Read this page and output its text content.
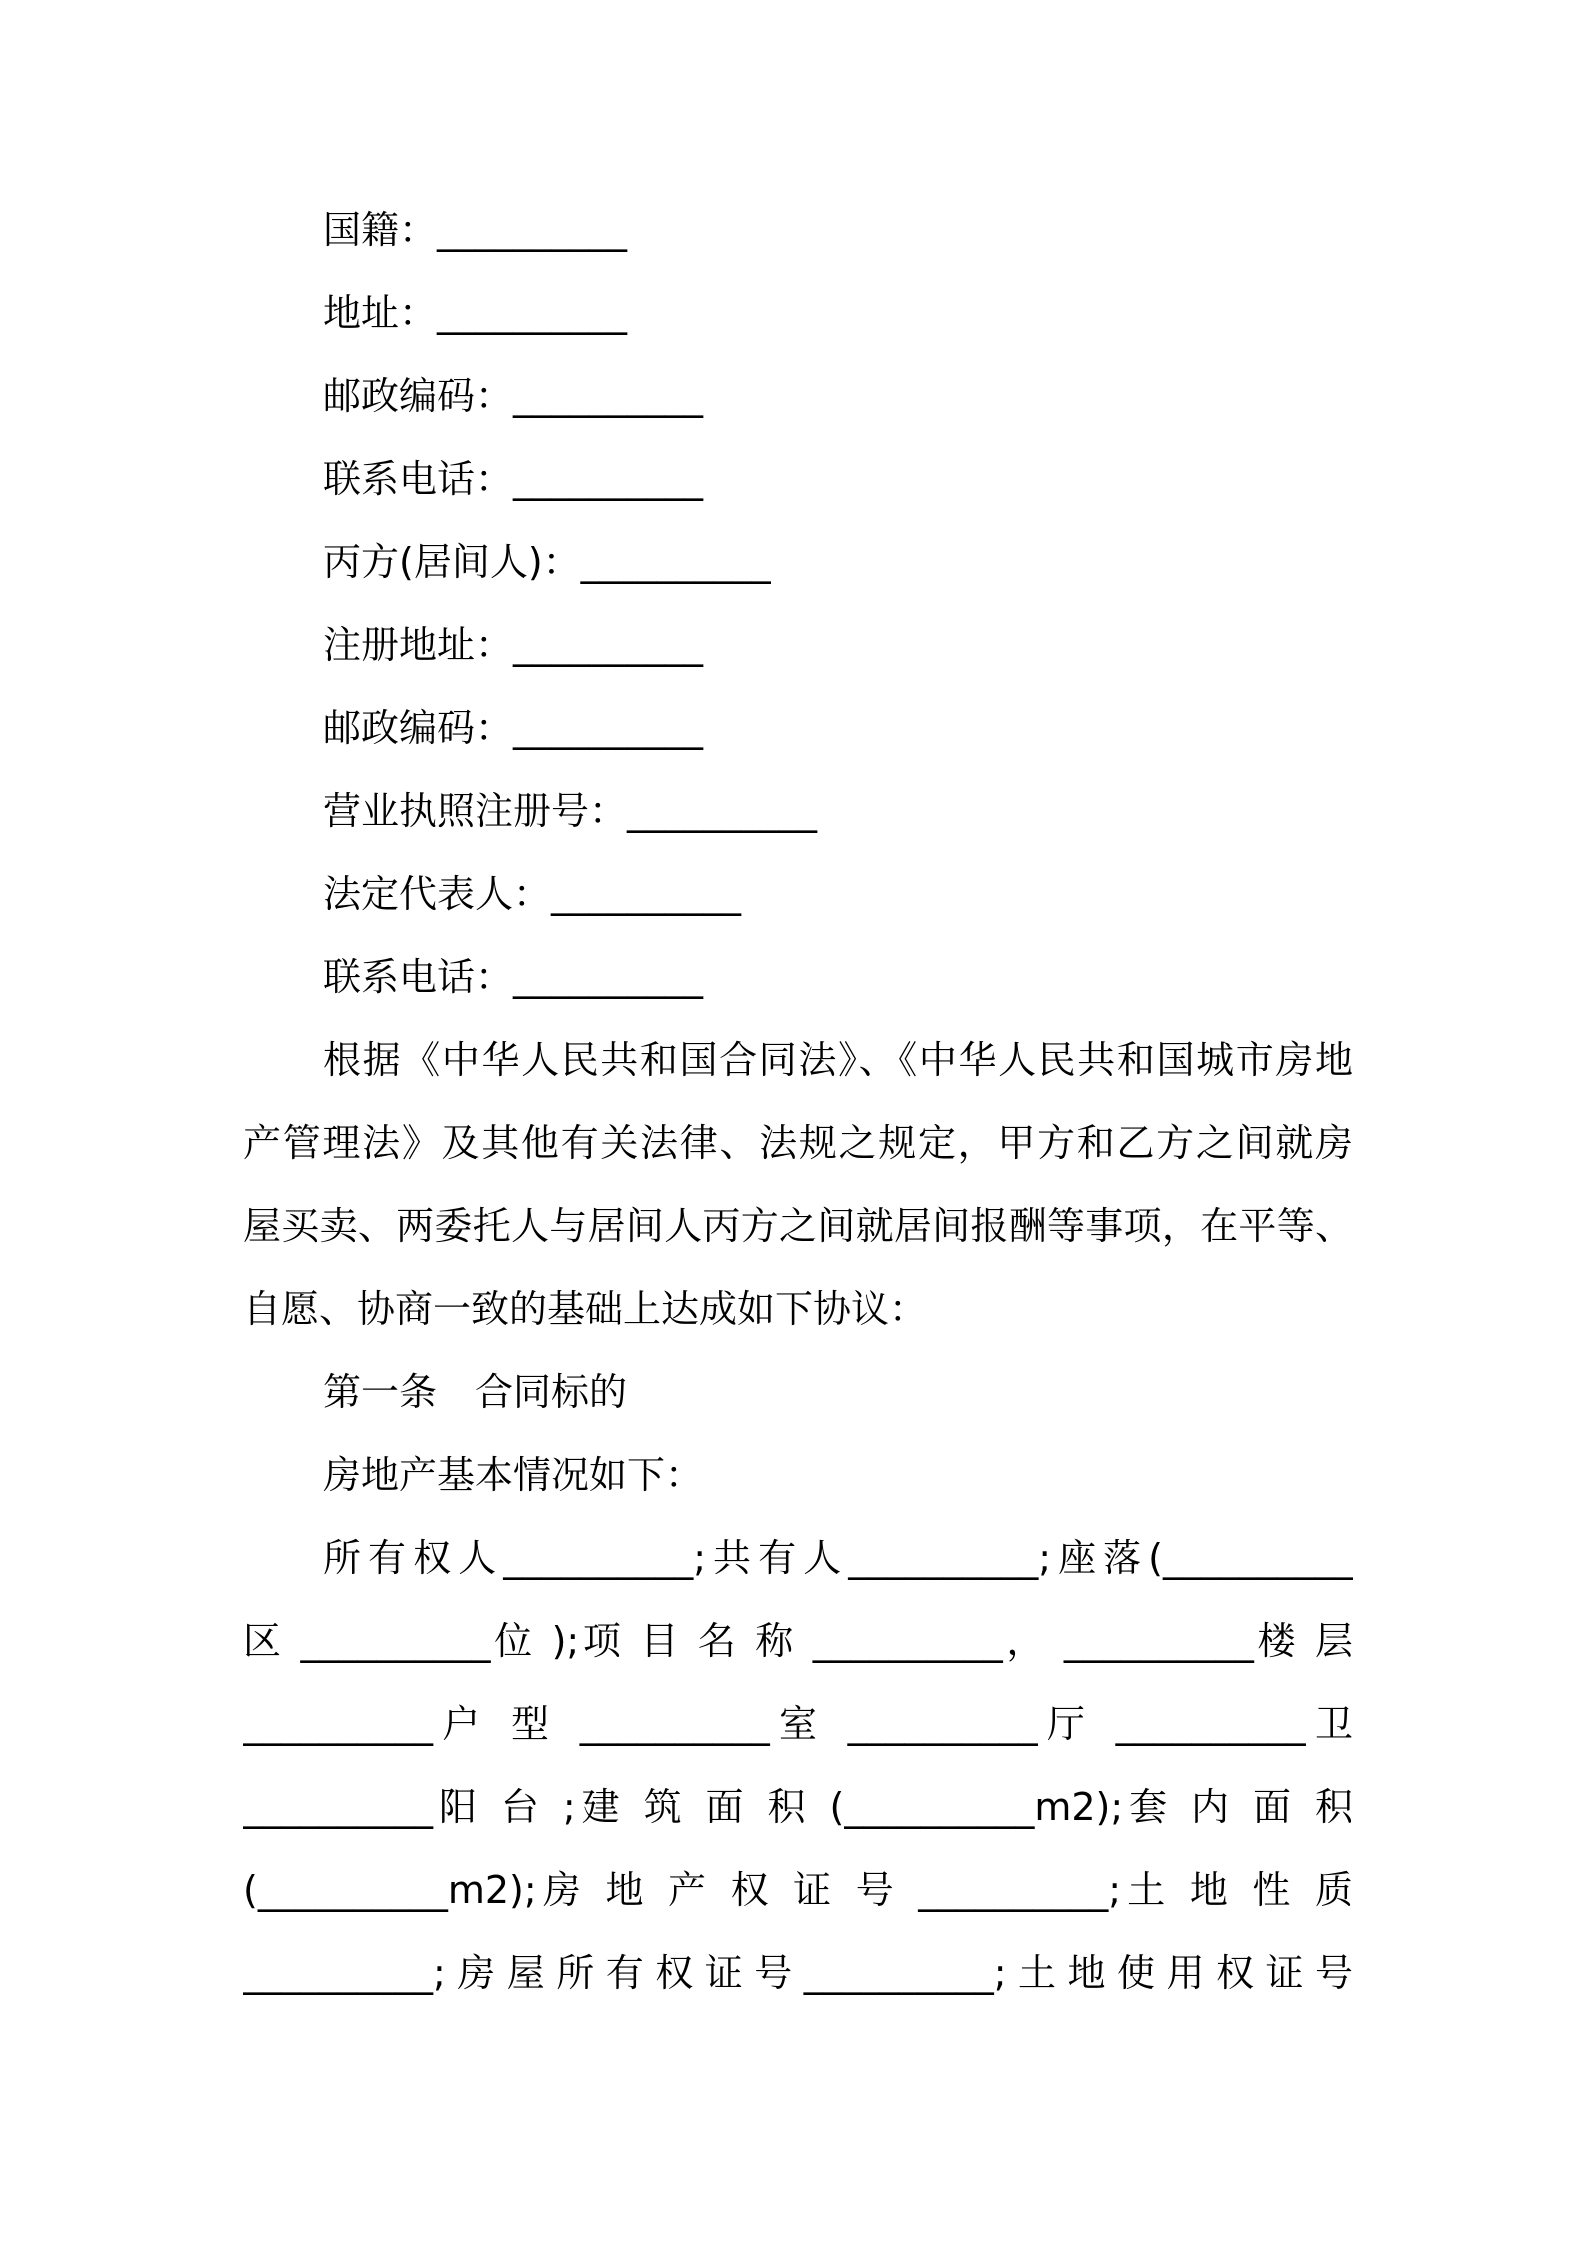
国籍：__________
地址：__________
邮政编码：__________
联系电话：__________
丙方(居间人)：__________
注册地址：__________
邮政编码：__________
营业执照注册号：__________
法定代表人：__________
联系电话：__________
根据《中华人民共和国合同法》、《中华人民共和国城市房地
产管理法》及其他有关法律、法规之规定，甲方和乙方之间就房
屋买卖、两委托人与居间人丙方之间就居间报酬等事项，在平等、
自愿、协商一致的基础上达成如下协议：
第一条　合同标的
房地产基本情况如下：
所有权人__________;共有人__________;座落(__________
区 __________位 );项 目 名 称 __________， __________楼 层
__________户 型 __________室 __________厅 __________卫
__________阳 台 ;建 筑 面 积 (__________m2);套 内 面 积
(__________m2);房 地 产 权 证 号 __________;土 地 性 质
__________;房屋所有权证号__________;土地使用权证号
